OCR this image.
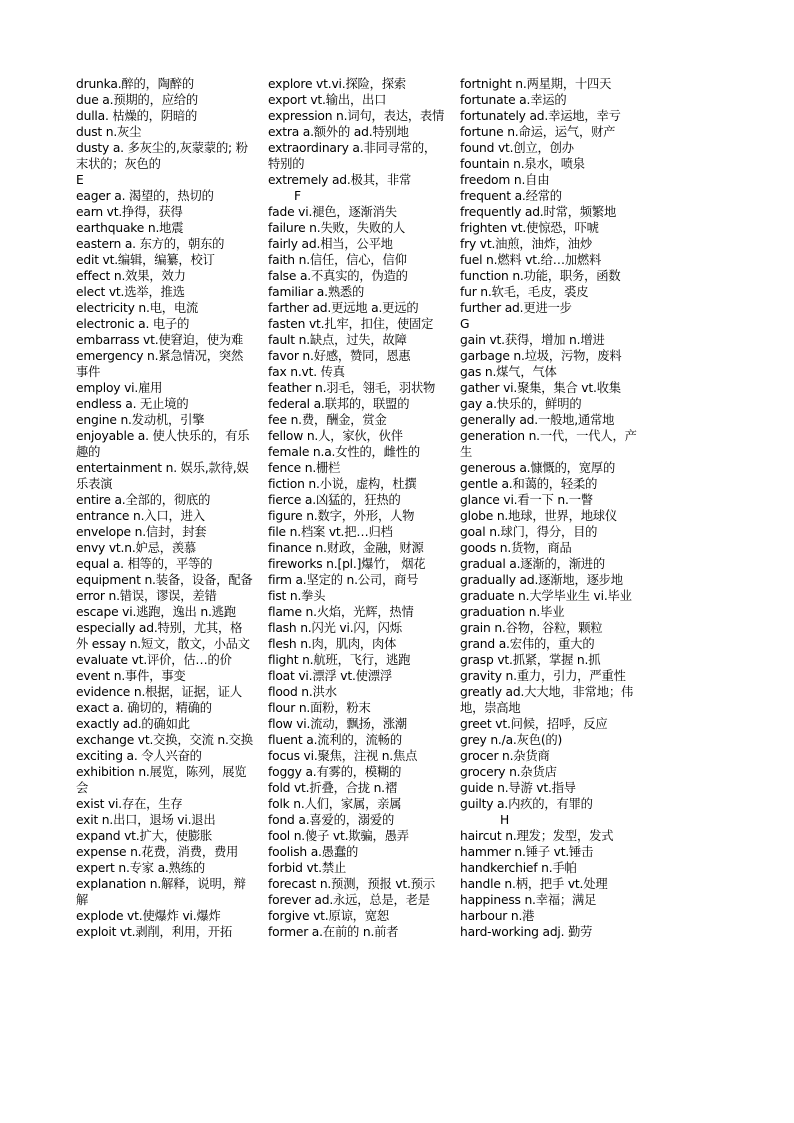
drunka.醉的，陶醉的
due a.预期的，应给的
dulla. 枯燥的，阴暗的
dust n.灰尘
dusty a. 多灰尘的,灰蒙蒙的; 粉末状的；灰色的
E
eager a. 渴望的，热切的
earn vt.挣得，获得
earthquake n.地震
eastern a. 东方的，朝东的
edit vt.编辑，编纂，校订
effect n.效果，效力
elect vt.选举，推选
electricity n.电，电流
electronic a. 电子的
embarrass vt.使窘迫，使为难
emergency n.紧急情况，突然事件
employ vi.雇用
endless a. 无止境的
engine n.发动机，引擎
enjoyable a. 使人快乐的，有乐趣的
entertainment n. 娱乐,款待,娱乐表演
entire a.全部的，彻底的
entrance n.入口，进入
envelope n.信封，封套
envy vt.n.妒忌，羡慕
equal a. 相等的，平等的
equipment n.装备，设备，配备
error n.错误，谬误，差错
escape vi.逃跑，逸出 n.逃跑
especially ad.特别，尤其，格外 essay n.短文，散文，小品文
evaluate vt.评价，估…的价
event n.事件，事变
evidence n.根据，证据，证人
exact a. 确切的，精确的
exactly ad.的确如此
exchange vt.交换，交流 n.交换
exciting a. 令人兴奋的
exhibition n.展览，陈列，展览会
exist vi.存在，生存
exit n.出口，退场 vi.退出
expand vt.扩大，使膨胀
expense n.花费，消费，费用
expert n.专家 a.熟练的
explanation n.解释，说明，辩解
explode vt.使爆炸 vi.爆炸
exploit vt.剥削，利用，开拓
explore vt.vi.探险，探索
export vt.输出，出口
expression n.词句，表达，表情
extra a.额外的 ad.特别地
extraordinary a.非同寻常的，特别的
extremely ad.极其，非常
F
fade vi.褪色，逐渐消失
failure n.失败，失败的人
fairly ad.相当，公平地
faith n.信任，信心，信仰
false a.不真实的，伪造的
familiar a.熟悉的
farther ad.更远地 a.更远的
fasten vt.扎牢，扣住，使固定
fault n.缺点，过失，故障
favor n.好感，赞同，恩惠
fax n.vt. 传真
feather n.羽毛，翎毛，羽状物
federal a.联邦的，联盟的
fee n.费，酬金，赏金
fellow n.人，家伙，伙伴
female n.a.女性的，雌性的
fence n.栅栏
fiction n.小说，虚构，杜撰
fierce a.凶猛的，狂热的
figure n.数字，外形，人物
file n.档案 vt.把…归档
finance n.财政，金融，财源
fireworks n.[pl.]爆竹， 烟花
firm a.坚定的 n.公司，商号
fist n.拳头
flame n.火焰，光辉，热情
flash n.闪光 vi.闪，闪烁
flesh n.肉，肌肉，肉体
flight n.航班，飞行，逃跑
float vi.漂浮 vt.使漂浮
flood n.洪水
flour n.面粉，粉末
flow vi.流动，飘扬，涨潮
fluent a.流利的，流畅的
focus vi.聚焦，注视 n.焦点
foggy a.有雾的，模糊的
fold vt.折叠，合拢 n.褶
folk n.人们，家属，亲属
fond a.喜爱的，溺爱的
fool n.傻子 vt.欺骗，愚弄
foolish a.愚蠢的
forbid vt.禁止
forecast n.预测，预报 vt.预示
forever ad.永远，总是，老是
forgive vt.原谅，宽恕
former a.在前的 n.前者
fortnight n.两星期，十四天
fortunate a.幸运的
fortunately ad.幸运地，幸亏
fortune n.命运，运气，财产
found vt.创立，创办
fountain n.泉水，喷泉
freedom n.自由
frequent a.经常的
frequently ad.时常，频繁地
frighten vt.使惊恐，吓唬
fry vt.油煎，油炸，油炒
fuel n.燃料 vt.给…加燃料
function n.功能，职务，函数
fur n.软毛，毛皮，裘皮
further ad.更进一步
G
gain vt.获得，增加 n.增进
garbage n.垃圾，污物，废料
gas n.煤气，气体
gather vi.聚集，集合 vt.收集
gay a.快乐的，鲜明的
generally ad.一般地,通常地
generation n.一代，一代人，产生
generous a.慷慨的，宽厚的
gentle a.和蔼的，轻柔的
glance vi.看一下 n.一瞥
globe n.地球，世界，地球仪
goal n.球门，得分，目的
goods n.货物，商品
gradual a.逐渐的，渐进的
gradually ad.逐渐地，逐步地
graduate n.大学毕业生 vi.毕业
graduation n.毕业
grain n.谷物，谷粒，颗粒
grand a.宏伟的，重大的
grasp vt.抓紧，掌握 n.抓
gravity n.重力，引力，严重性
greatly ad.大大地，非常地；伟地，崇高地
greet vt.问候，招呼，反应
grey n./a.灰色(的)
grocer n.杂货商
grocery n.杂货店
guide n.导游 vt.指导
guilty a.内疚的，有罪的
H
haircut n.理发；发型，发式
hammer n.锤子 vt.锤击
handkerchief n.手帕
handle n.柄，把手 vt.处理
happiness n.幸福；满足
harbour n.港
hard-working adj. 勤劳
